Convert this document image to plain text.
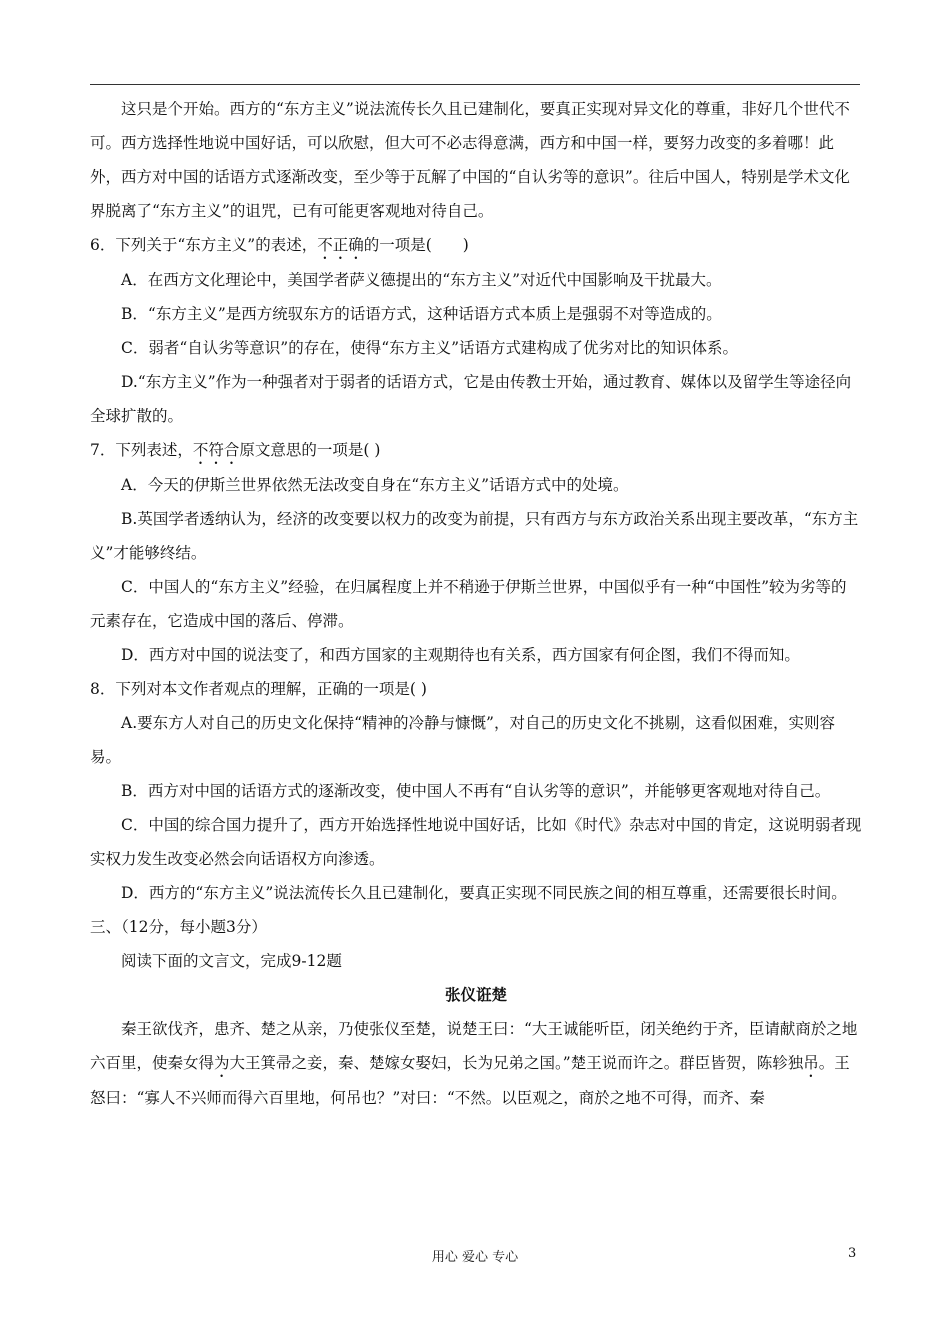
这只是个开始。西方的“东方主义”说法流传长久且已建制化，要真正实现对异文化的尊重，非好几个世代不可。西方选择性地说中国好话，可以欣慰，但大可不必志得意满，西方和中国一样，要努力改变的多着哪！此外，西方对中国的话语方式逐渐改变，至少等于瓦解了中国的“自认劣等的意识”。往后中国人，特别是学术文化界脱离了“东方主义”的诅咒，已有可能更客观地对待自己。

6．下列关于“东方主义”的表述，不正确的一项是(　　)

A．在西方文化理论中，美国学者萨义德提出的“东方主义”对近代中国影响及干扰最大。

B．“东方主义”是西方统驭东方的话语方式，这种话语方式本质上是强弱不对等造成的。

C．弱者“自认劣等意识”的存在，使得“东方主义”话语方式建构成了优劣对比的知识体系。

D.“东方主义”作为一种强者对于弱者的话语方式，它是由传教士开始，通过教育、媒体以及留学生等途径向全球扩散的。

7．下列表述，不符合原文意思的一项是( )

A．今天的伊斯兰世界依然无法改变自身在“东方主义”话语方式中的处境。

B.英国学者透纳认为，经济的改变要以权力的改变为前提，只有西方与东方政治关系出现主要改革，“东方主义”才能够终结。

C．中国人的“东方主义”经验，在归属程度上并不稍逊于伊斯兰世界，中国似乎有一种“中国性”较为劣等的元素存在，它造成中国的落后、停滞。

D．西方对中国的说法变了，和西方国家的主观期待也有关系，西方国家有何企图，我们不得而知。

8．下列对本文作者观点的理解，正确的一项是( )

A.要东方人对自己的历史文化保持“精神的冷静与慷慨”，对自己的历史文化不挑剔，这看似困难，实则容易。

B．西方对中国的话语方式的逐渐改变，使中国人不再有“自认劣等的意识”，并能够更客观地对待自己。

C．中国的综合国力提升了，西方开始选择性地说中国好话，比如《时代》杂志对中国的肯定，这说明弱者现实权力发生改变必然会向话语权方向渗透。

D．西方的“东方主义”说法流传长久且已建制化，要真正实现不同民族之间的相互尊重，还需要很长时间。

三、（12分，每小题3分）

阅读下面的文言文，完成9-12题

张仪诳楚

秦王欲伐齐，患齐、楚之从亲，乃使张仪至楚，说楚王曰：“大王诚能听臣，闭关绝约于齐，臣请献商於之地六百里，使秦女得为大王箕帚之妾，秦、楚嫁女娶妇，长为兄弟之国。”楚王说而许之。群臣皆贺，陈轸独吊。王怒曰：“寡人不兴师而得六百里地，何吊也？”对曰：“不然。以臣观之，商於之地不可得，而齐、秦

用心 爱心 专心	3
